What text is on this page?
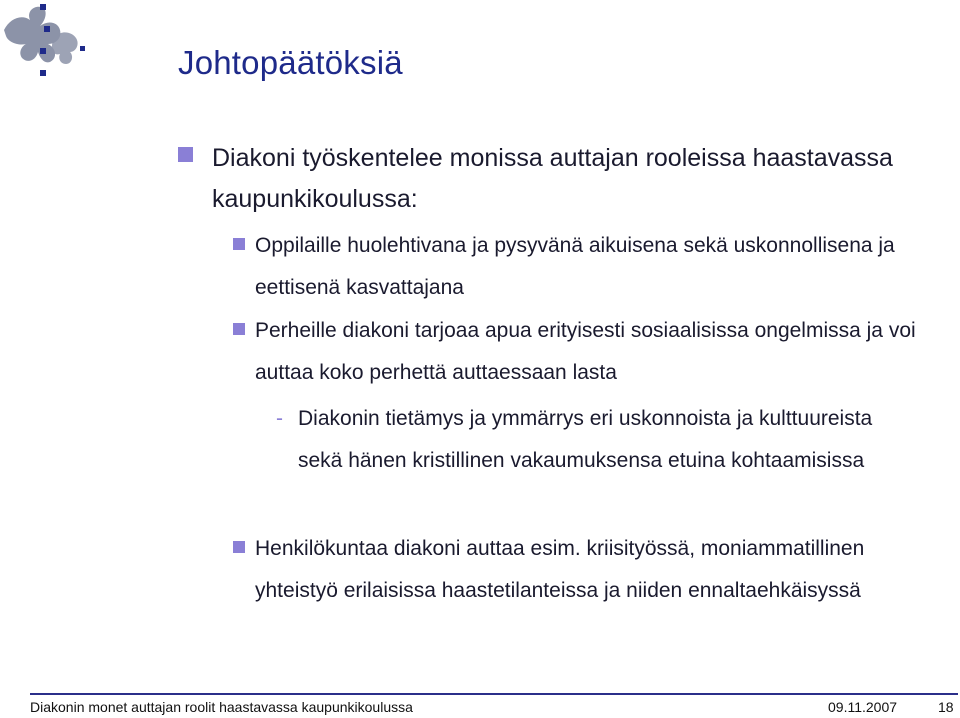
Johtopäätöksiä
Diakoni työskentelee monissa auttajan rooleissa haastavassa kaupunkikoulussa:
Oppilaille huolehtivana ja pysyvänä aikuisena sekä uskonnollisena ja eettisenä kasvattajana
Perheille diakoni tarjoaa apua erityisesti sosiaalisissa ongelmissa ja voi auttaa koko perhettä auttaessaan lasta
- Diakonin tietämys ja ymmärrys eri uskonnoista ja kulttuureista sekä hänen kristillinen vakaumuksensa etuina kohtaamisissa
Henkilökuntaa diakoni auttaa esim. kriisityössä, moniammatillinen yhteistyö erilaisissa haastetilanteissa ja niiden ennaltaehkäisyssä
Diakonin monet auttajan roolit haastavassa kaupunkikoulussa	09.11.2007	18
